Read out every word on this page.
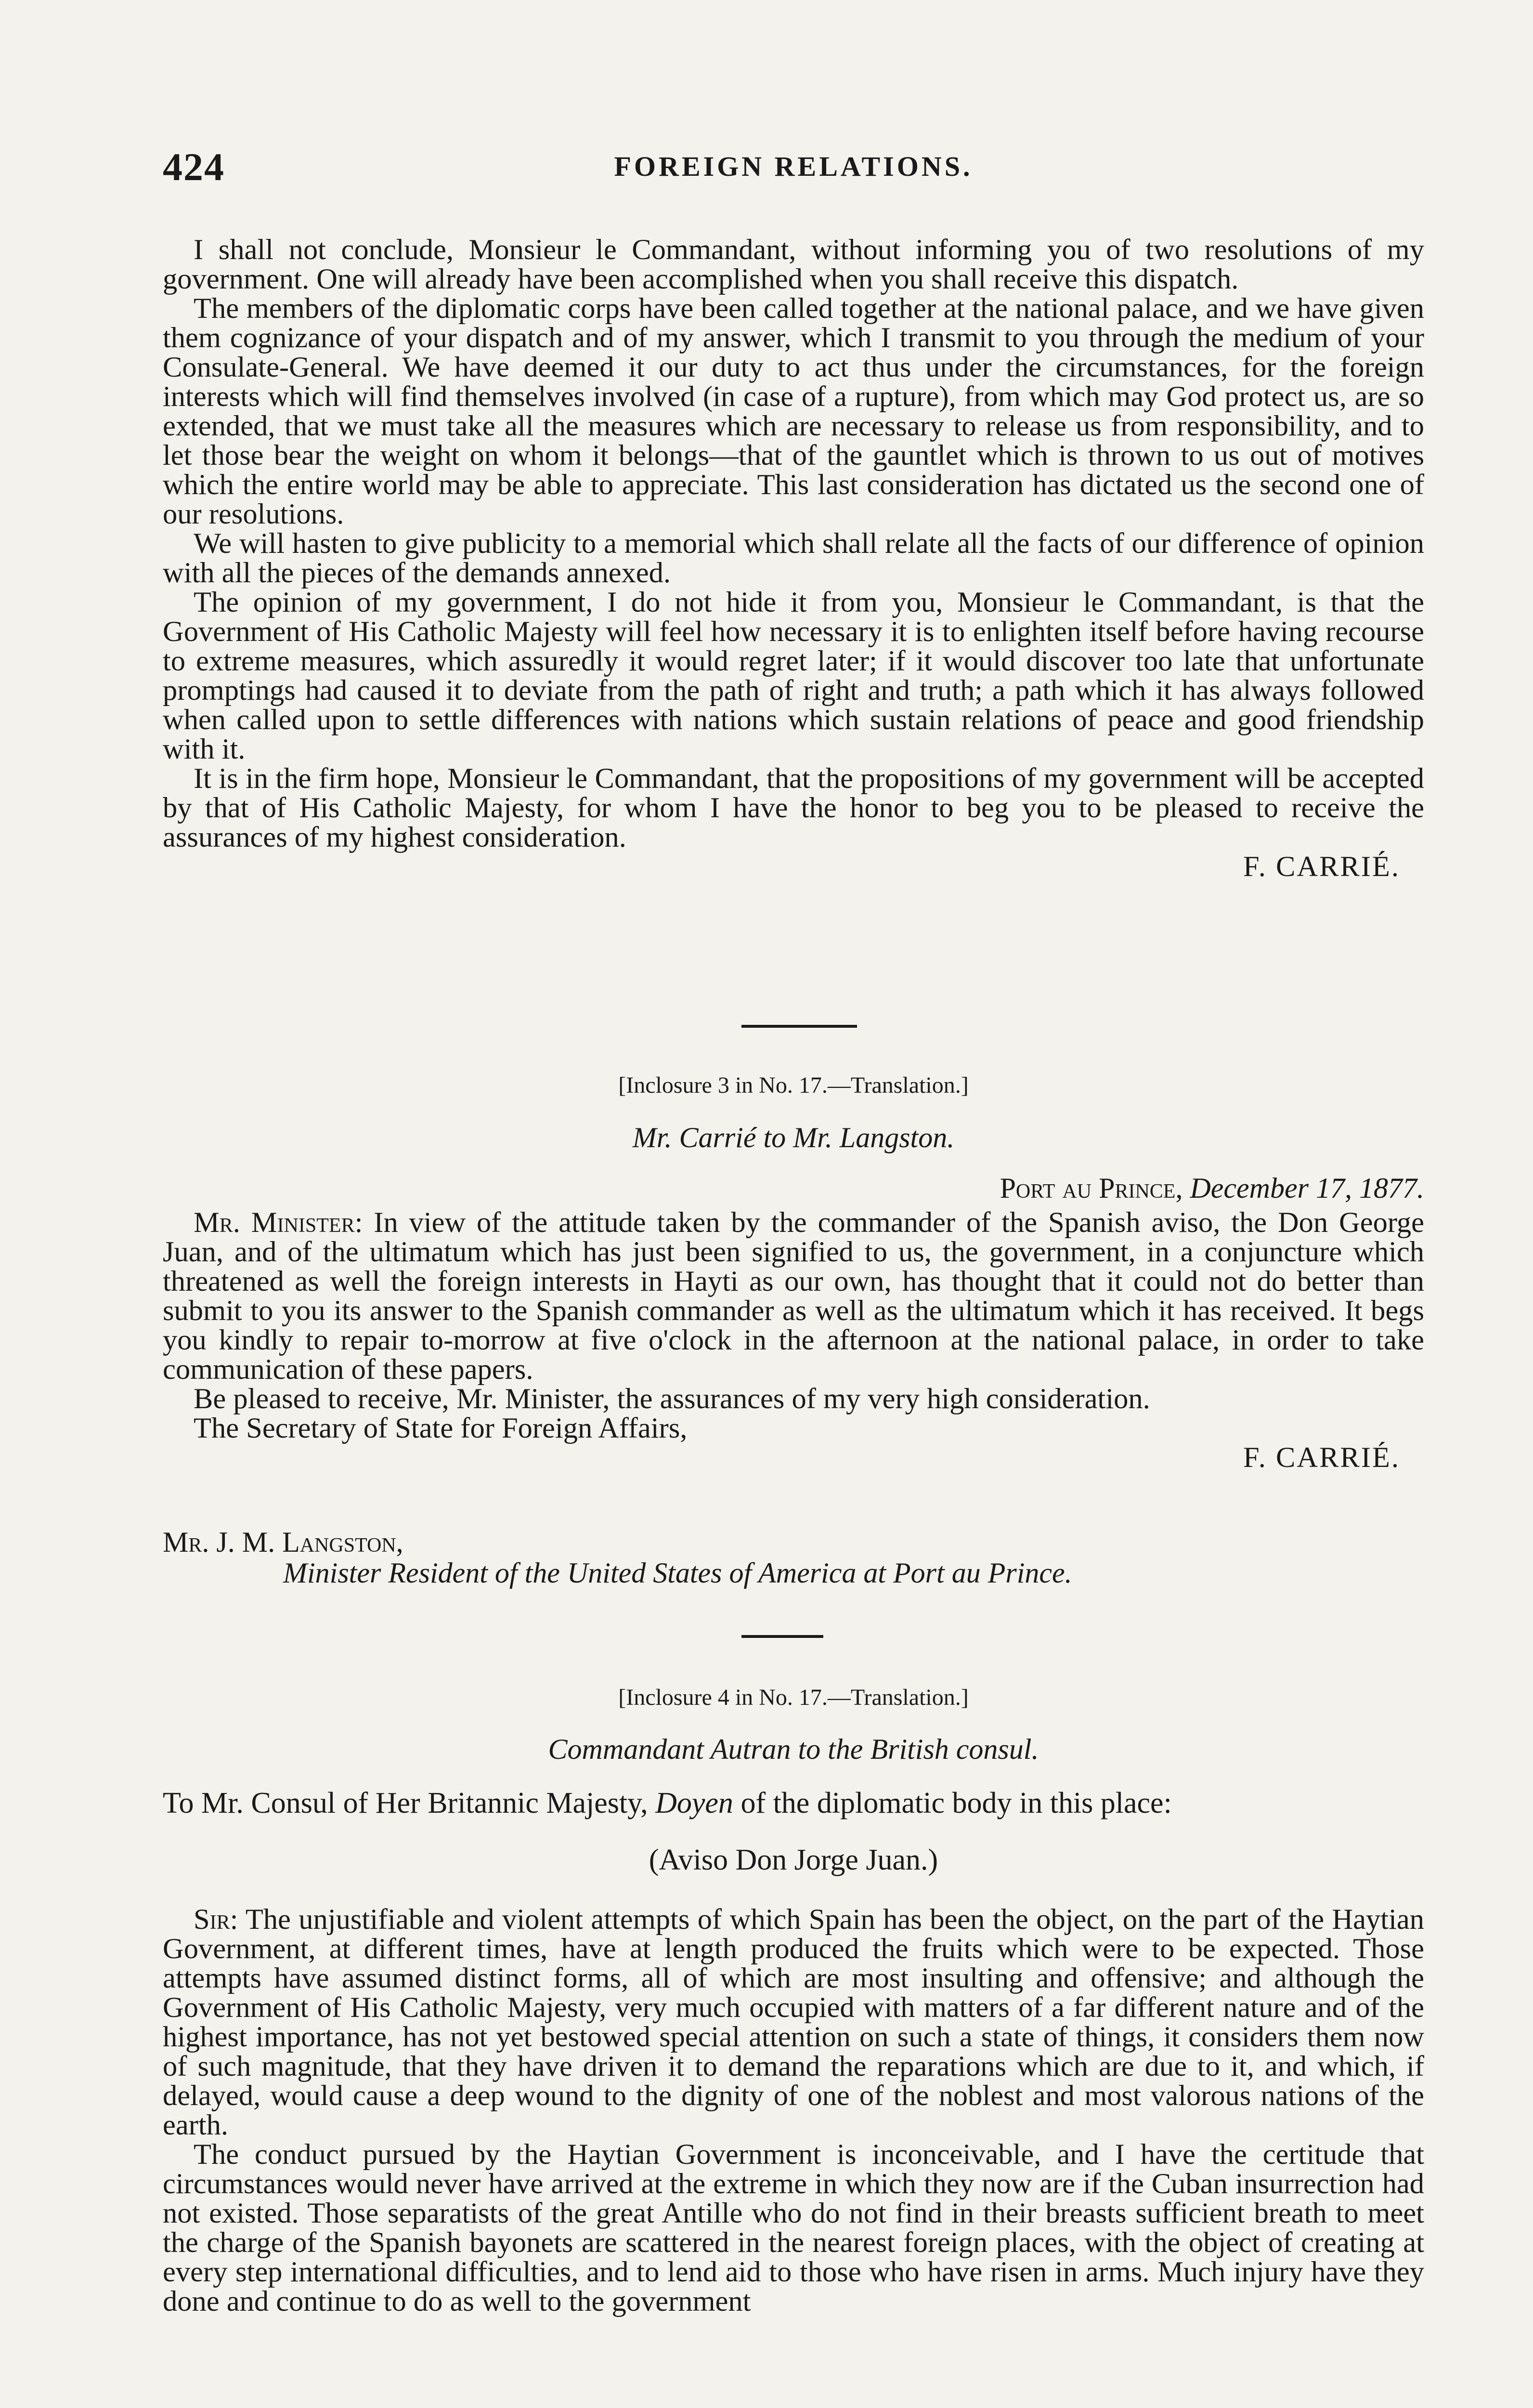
424	FOREIGN RELATIONS.

I shall not conclude, Monsieur le Commandant, without informing you of two resolutions of my government. One will already have been accomplished when you shall receive this dispatch.

The members of the diplomatic corps have been called together at the national palace, and we have given them cognizance of your dispatch and of my answer, which I transmit to you through the medium of your Consulate-General. We have deemed it our duty to act thus under the circumstances, for the foreign interests which will find themselves involved (in case of a rupture), from which may God protect us, are so extended, that we must take all the measures which are necessary to release us from responsibility, and to let those bear the weight on whom it belongs—that of the gauntlet which is thrown to us out of motives which the entire world may be able to appreciate. This last consideration has dictated us the second one of our resolutions.

We will hasten to give publicity to a memorial which shall relate all the facts of our difference of opinion with all the pieces of the demands annexed.

The opinion of my government, I do not hide it from you, Monsieur le Commandant, is that the Government of His Catholic Majesty will feel how necessary it is to enlighten itself before having recourse to extreme measures, which assuredly it would regret later; if it would discover too late that unfortunate promptings had caused it to deviate from the path of right and truth; a path which it has always followed when called upon to settle differences with nations which sustain relations of peace and good friendship with it.

It is in the firm hope, Monsieur le Commandant, that the propositions of my government will be accepted by that of His Catholic Majesty, for whom I have the honor to beg you to be pleased to receive the assurances of my highest consideration.

F. CARRIÉ.

[Inclosure 3 in No. 17.—Translation.]
Mr. Carrié to Mr. Langston.
Port au Prince, December 17, 1877.

Mr. Minister: In view of the attitude taken by the commander of the Spanish aviso, the Don George Juan, and of the ultimatum which has just been signified to us, the government, in a conjuncture which threatened as well the foreign interests in Hayti as our own, has thought that it could not do better than submit to you its answer to the Spanish commander as well as the ultimatum which it has received. It begs you kindly to repair to-morrow at five o'clock in the afternoon at the national palace, in order to take communication of these papers.

Be pleased to receive, Mr. Minister, the assurances of my very high consideration.

The Secretary of State for Foreign Affairs,

F. CARRIÉ.

Mr. J. M. Langston,
Minister Resident of the United States of America at Port au Prince.
[Inclosure 4 in No. 17.—Translation.]
Commandant Autran to the British consul.
To Mr. Consul of Her Britannic Majesty, Doyen of the diplomatic body in this place:
(Aviso Don Jorge Juan.)

Sir: The unjustifiable and violent attempts of which Spain has been the object, on the part of the Haytian Government, at different times, have at length produced the fruits which were to be expected. Those attempts have assumed distinct forms, all of which are most insulting and offensive; and although the Government of His Catholic Majesty, very much occupied with matters of a far different nature and of the highest importance, has not yet bestowed special attention on such a state of things, it considers them now of such magnitude, that they have driven it to demand the reparations which are due to it, and which, if delayed, would cause a deep wound to the dignity of one of the noblest and most valorous nations of the earth.

The conduct pursued by the Haytian Government is inconceivable, and I have the certitude that circumstances would never have arrived at the extreme in which they now are if the Cuban insurrection had not existed. Those separatists of the great Antille who do not find in their breasts sufficient breath to meet the charge of the Spanish bayonets are scattered in the nearest foreign places, with the object of creating at every step international difficulties, and to lend aid to those who have risen in arms. Much injury have they done and continue to do as well to the government
